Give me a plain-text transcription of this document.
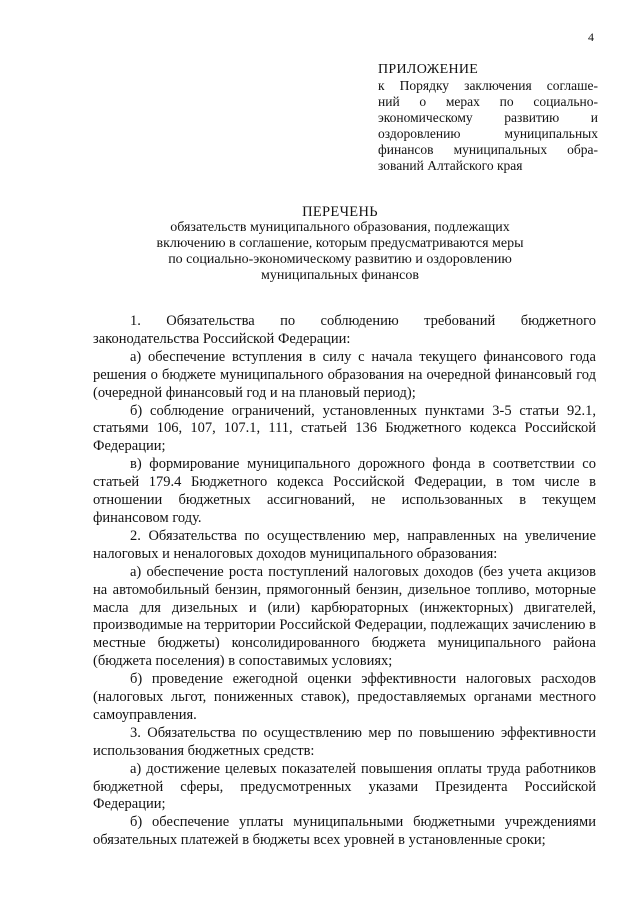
4
ПРИЛОЖЕНИЕ
к Порядку заключения соглаше-
ний о мерах по социально-
экономическому развитию и
оздоровлению муниципальных
финансов муниципальных обра-
зований Алтайского края
ПЕРЕЧЕНЬ
обязательств муниципального образования, подлежащих
включению в соглашение, которым предусматриваются меры
по социально-экономическому развитию и оздоровлению
муниципальных финансов

1. Обязательства по соблюдению требований бюджетного законодательства Российской Федерации:

а) обеспечение вступления в силу с начала текущего финансового года решения о бюджете муниципального образования на очередной финансовый год (очередной финансовый год и на плановый период);

б) соблюдение ограничений, установленных пунктами 3-5 статьи 92.1, статьями 106, 107, 107.1, 111, статьей 136 Бюджетного кодекса Российской Федерации;

в) формирование муниципального дорожного фонда в соответствии со статьей 179.4 Бюджетного кодекса Российской Федерации, в том числе в отношении бюджетных ассигнований, не использованных в текущем финансовом году.

2. Обязательства по осуществлению мер, направленных на увеличение налоговых и неналоговых доходов муниципального образования:

а) обеспечение роста поступлений налоговых доходов (без учета акцизов на автомобильный бензин, прямогонный бензин, дизельное топливо, моторные масла для дизельных и (или) карбюраторных (инжекторных) двигателей, производимые на территории Российской Федерации, подлежащих зачислению в местные бюджеты) консолидированного бюджета муниципального района (бюджета поселения) в сопоставимых условиях;

б) проведение ежегодной оценки эффективности налоговых расходов (налоговых льгот, пониженных ставок), предоставляемых органами местного самоуправления.

3. Обязательства по осуществлению мер по повышению эффективности использования бюджетных средств:

а) достижение целевых показателей повышения оплаты труда работников бюджетной сферы, предусмотренных указами Президента Российской Федерации;

б) обеспечение уплаты муниципальными бюджетными учреждениями обязательных платежей в бюджеты всех уровней в установленные сроки;
